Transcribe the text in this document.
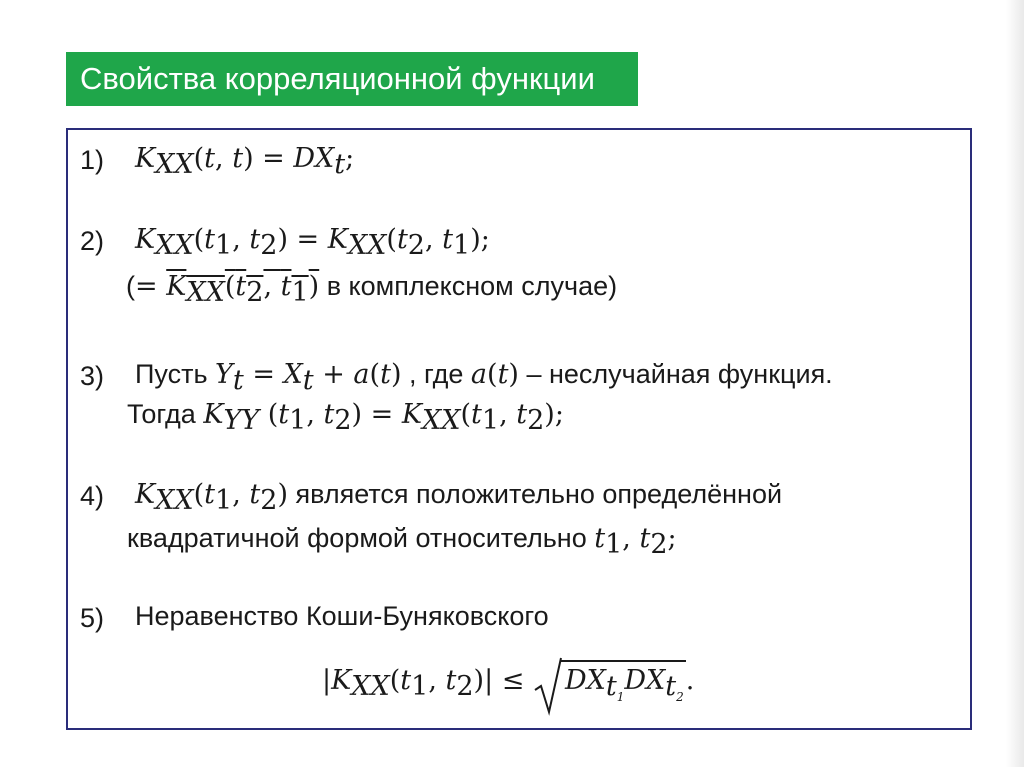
Свойства корреляционной функции
1) $K_{XX}(t$, $t) = DX_t$;
2) $K_{XX}(t_1$, $t_2) = K_{XX}(t_2$, $t_1$);
(= $K_{XX}(t_2$, $t_1$) в комплексном случае)
3) Пусть $Y_t = X_t + a(t)$ , где a(t) – неслучайная функция.
Тогда $K_{YY}$ ($t_1$, $t_2) = K_{XX}(t_1$, $t_2$);
4) $K_{XX}(t_1$, $t_2$) является положительно определённой
квадратичной формой относительно $t_1$, $t_2$;
5) Неравенство Коши-Буняковского
$|K_{XX}(t_1$, $t_2)|$ ≤
$DX_{t_1}DX_{t_2}$.
